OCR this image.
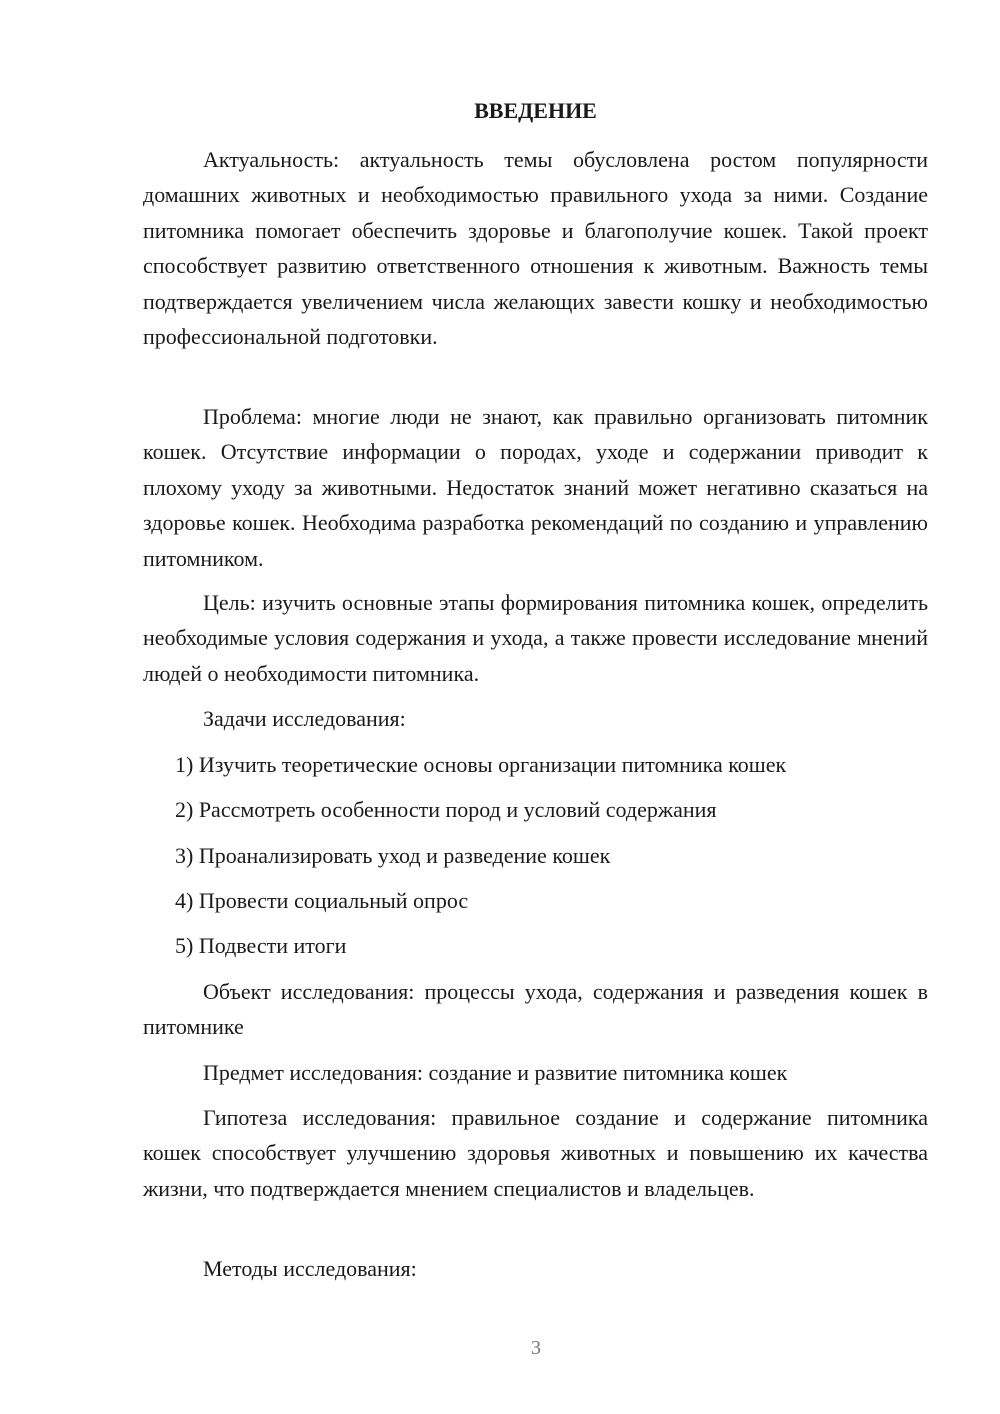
ВВЕДЕНИЕ

Актуальность: актуальность темы обусловлена ростом популярности домашних животных и необходимостью правильного ухода за ними. Создание питомника помогает обеспечить здоровье и благополучие кошек. Такой проект способствует развитию ответственного отношения к животным. Важность темы подтверждается увеличением числа желающих завести кошку и необходимостью профессиональной подготовки.

Проблема: многие люди не знают, как правильно организовать питомник кошек. Отсутствие информации о породах, уходе и содержании приводит к плохому уходу за животными. Недостаток знаний может негативно сказаться на здоровье кошек. Необходима разработка рекомендаций по созданию и управлению питомником.

Цель: изучить основные этапы формирования питомника кошек, определить необходимые условия содержания и ухода, а также провести исследование мнений людей о необходимости питомника.

Задачи исследования:

1) Изучить теоретические основы организации питомника кошек

2) Рассмотреть особенности пород и условий содержания

3) Проанализировать уход и разведение кошек

4) Провести социальный опрос

5) Подвести итоги

Объект исследования: процессы ухода, содержания и разведения кошек в питомнике

Предмет исследования: создание и развитие питомника кошек

Гипотеза исследования: правильное создание и содержание питомника кошек способствует улучшению здоровья животных и повышению их качества жизни, что подтверждается мнением специалистов и владельцев.

Методы исследования:

3
